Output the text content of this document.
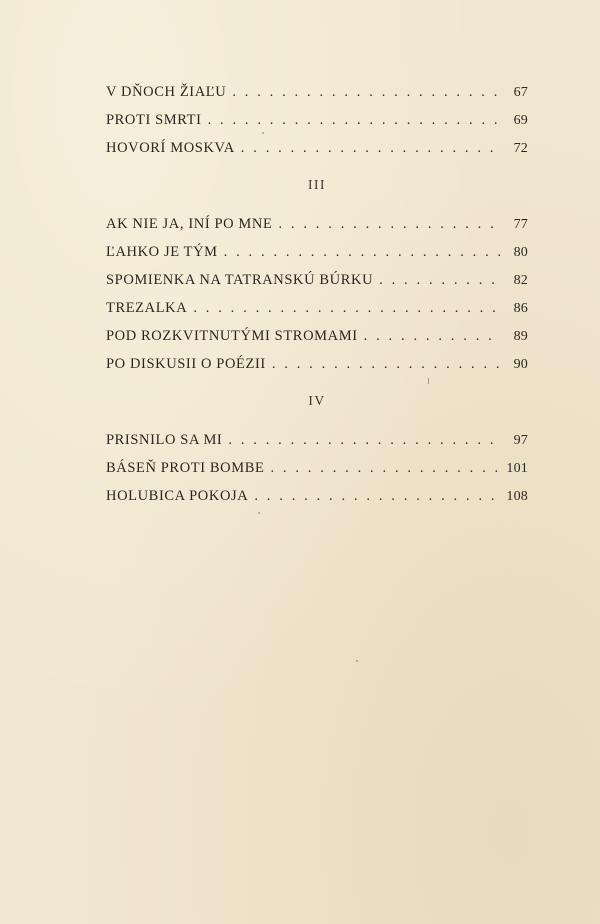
V DŇOCH ŽIAĽU . . .	67
PROTI SMRTI . . .	69
HOVORÍ MOSKVA . . .	72
III
AK NIE JA, INÍ PO MNE . . .	77
ĽAHKO JE TÝM . . .	80
SPOMIENKA NA TATRANSKÚ BÚRKU . . .	82
TREZALKA . . .	86
POD ROZKVITNUTÝMI STROMAMI . . .	89
PO DISKUSII O POÉZII . . .	90
IV
PRISNILO SA MI . . .	97
BÁSEŇ PROTI BOMBE . . .	101
HOLUBICA POKOJA . . .	108
